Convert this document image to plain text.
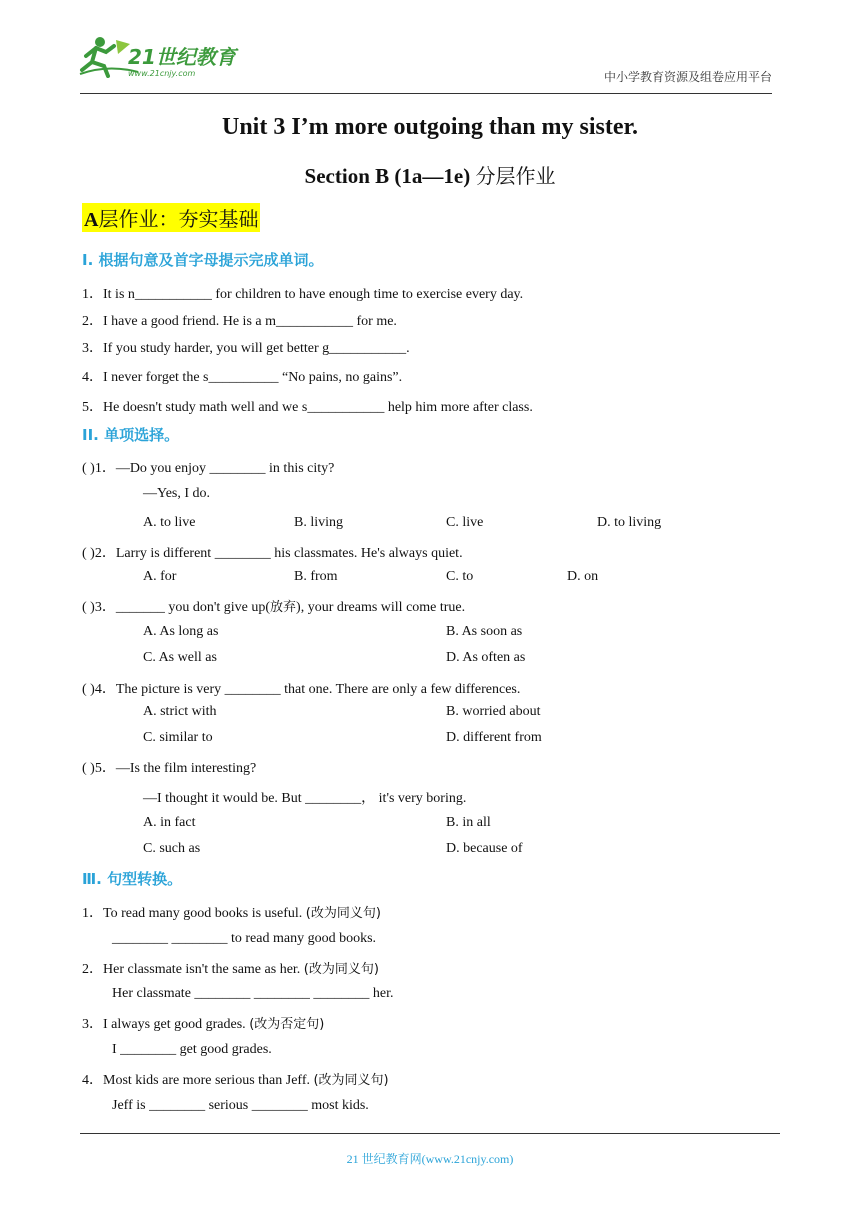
21世纪教育
www.21cnjy.com	中小学教育资源及组卷应用平台
Unit 3 I’m more outgoing than my sister.
Section B (1a—1e) 分层作业
A层作业：夯实基础
Ⅰ. 根据句意及首字母提示完成单词。
1．It is n___________ for children to have enough time to exercise every day.
2．I have a good friend. He is a m___________ for me.
3．If you study harder, you will get better g___________.
4．I never forget the s__________ “No pains, no gains”.
5．He doesn't study math well and we s___________ help him more after class.
II. 单项选择。
( )1．—Do you enjoy ________ in this city?
—Yes, I do.
A. to live	B. living	C. live	D. to living
( )2．Larry is different ________ his classmates. He's always quiet.
A. for	B. from	C. to	D. on
( )3．_______ you don't give up(放弃), your dreams will come true.
A. As long as	B. As soon as
C. As well as	D. As often as
( )4．The picture is very ________ that one. There are only a few differences.
A. strict with	B. worried about
C. similar to	D. different from
( )5．—Is the film interesting?
—I thought it would be. But ________， it's very boring.
A. in fact	B. in all
C. such as	D. because of
Ⅲ. 句型转换。
1．To read many good books is useful. (改为同义句)
________ ________ to read many good books.
2．Her classmate isn't the same as her. (改为同义句)
Her classmate ________ ________ ________ her.
3．I always get good grades. (改为否定句)
I ________ get good grades.
4．Most kids are more serious than Jeff. (改为同义句)
Jeff is ________ serious ________ most kids.
21 世纪教育网(www.21cnjy.com)
